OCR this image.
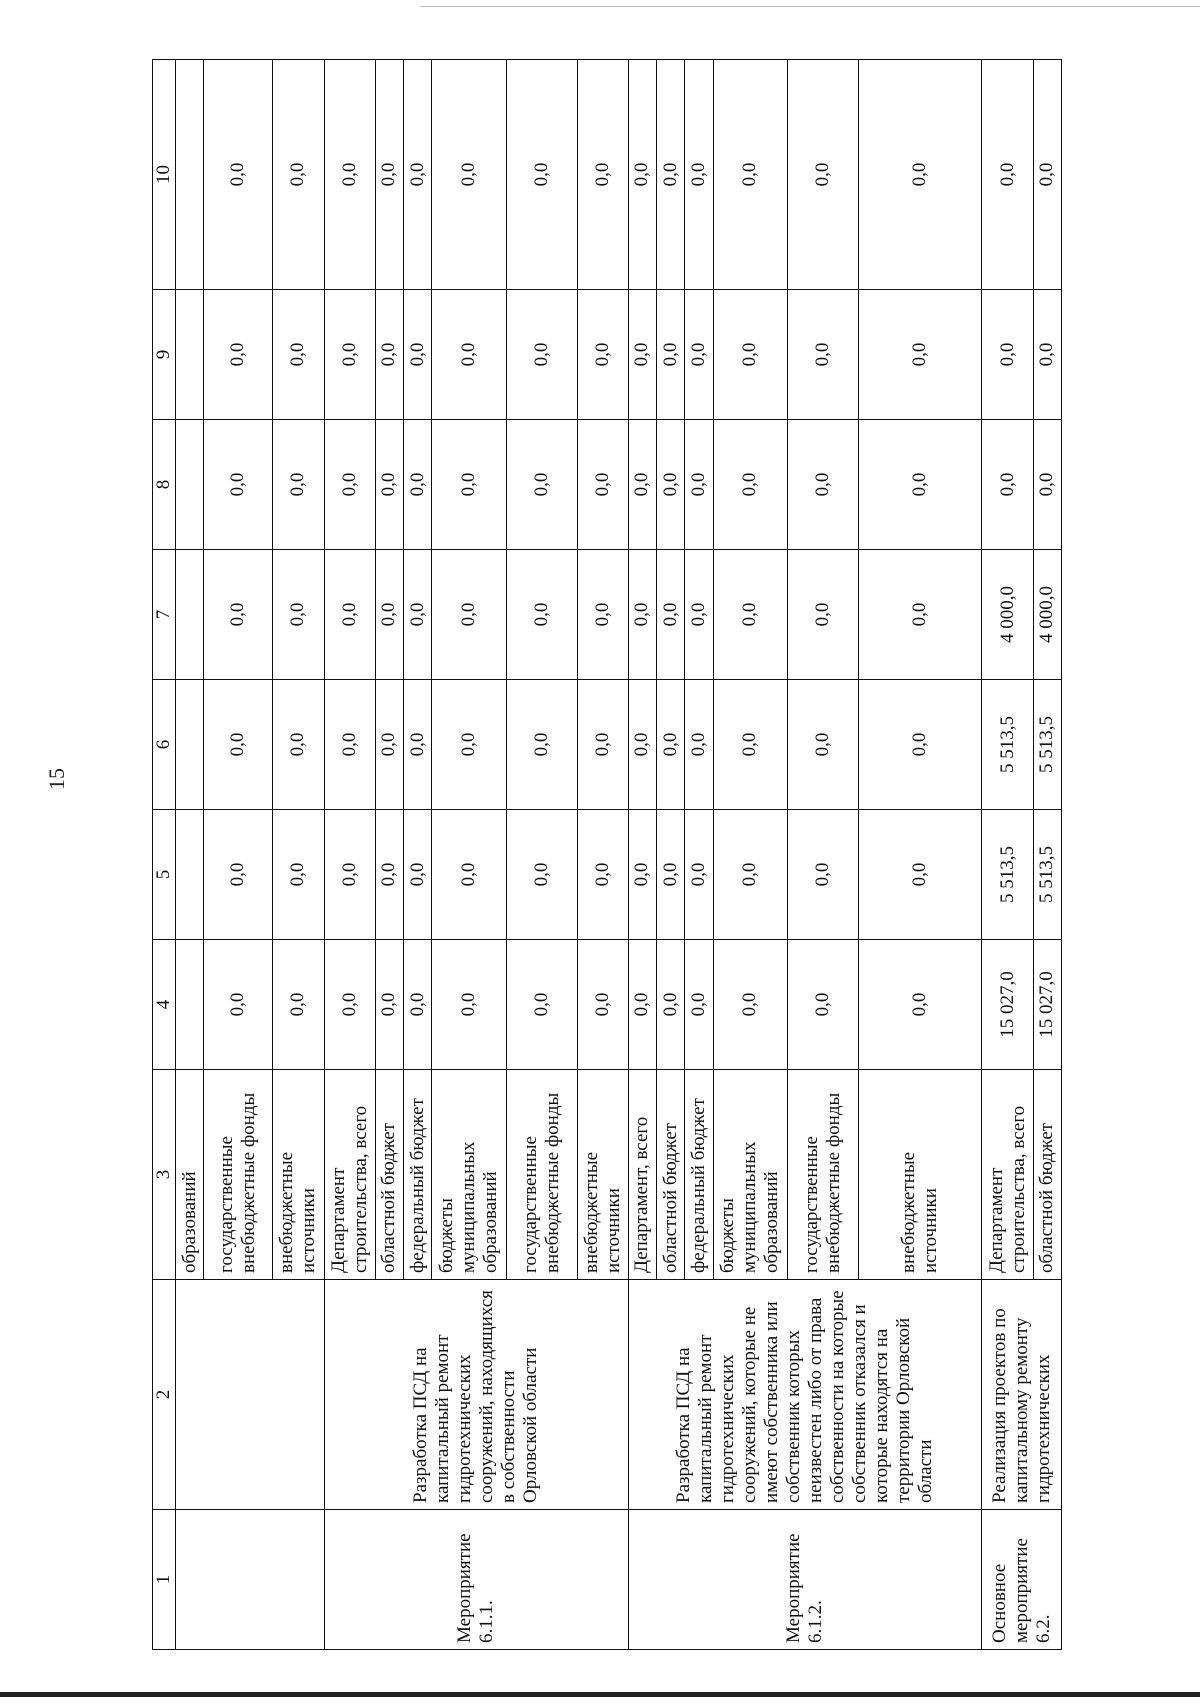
15
1	2	3	4	5	6	7	8	9	10
		образований							
		государственные внебюджетные фонды	0,0	0,0	0,0	0,0	0,0	0,0	0,0
		внебюджетные источники	0,0	0,0	0,0	0,0	0,0	0,0	0,0
Мероприятие 6.1.1.	Разработка ПСД на капитальный ремонт гидротехнических сооружений, находящихся в собственности Орловской области	Департамент строительства, всего	0,0	0,0	0,0	0,0	0,0	0,0	0,0
		областной бюджет	0,0	0,0	0,0	0,0	0,0	0,0	0,0
		федеральный бюджет	0,0	0,0	0,0	0,0	0,0	0,0	0,0
		бюджеты муниципальных образований	0,0	0,0	0,0	0,0	0,0	0,0	0,0
		государственные внебюджетные фонды	0,0	0,0	0,0	0,0	0,0	0,0	0,0
		внебюджетные источники	0,0	0,0	0,0	0,0	0,0	0,0	0,0
Мероприятие 6.1.2.	Разработка ПСД на капитальный ремонт гидротехнических сооружений, которые не имеют собственника или собственник которых неизвестен либо от права собственности на которые собственник отказался и которые находятся на территории Орловской области	Департамент, всего	0,0	0,0	0,0	0,0	0,0	0,0	0,0
		областной бюджет	0,0	0,0	0,0	0,0	0,0	0,0	0,0
		федеральный бюджет	0,0	0,0	0,0	0,0	0,0	0,0	0,0
		бюджеты муниципальных образований	0,0	0,0	0,0	0,0	0,0	0,0	0,0
		государственные внебюджетные фонды	0,0	0,0	0,0	0,0	0,0	0,0	0,0
		внебюджетные источники	0,0	0,0	0,0	0,0	0,0	0,0	0,0
Основное мероприятие 6.2.	Реализация проектов по капитальному ремонту гидротехнических	Департамент строительства, всего	15 027,0	5 513,5	5 513,5	4 000,0	0,0	0,0	0,0
		областной бюджет	15 027,0	5 513,5	5 513,5	4 000,0	0,0	0,0	0,0
